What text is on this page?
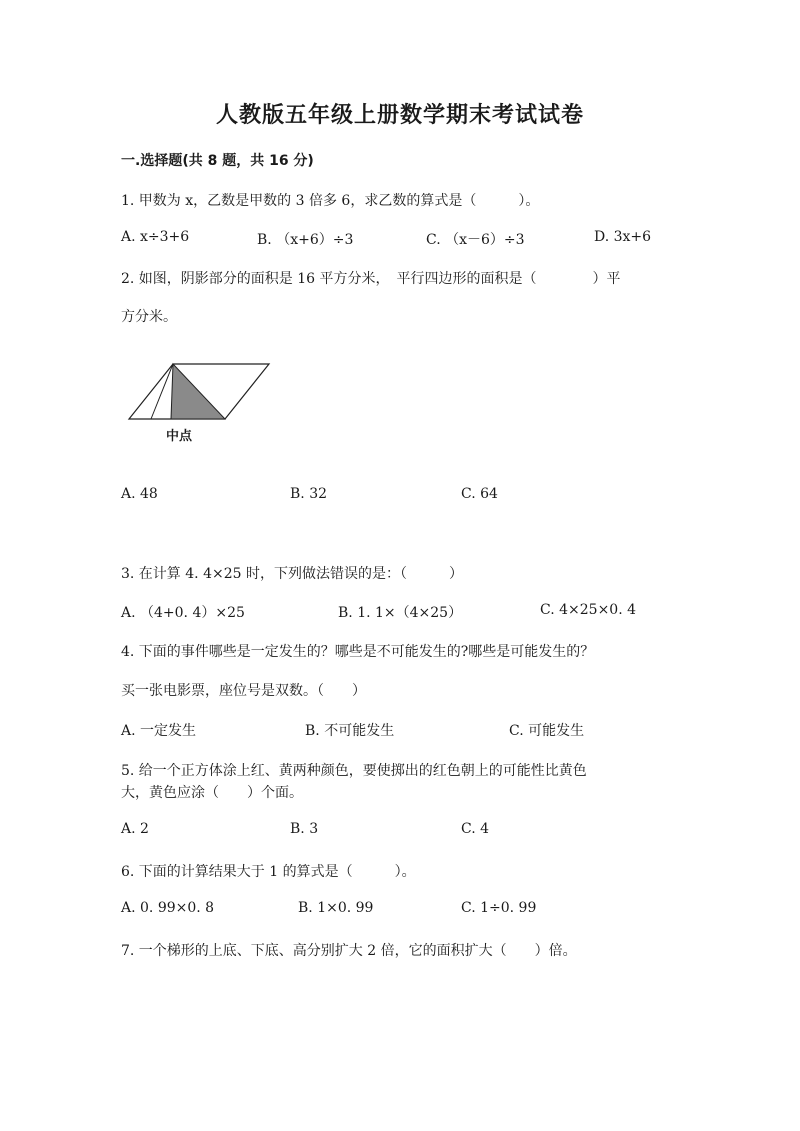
人教版五年级上册数学期末考试试卷
一.选择题(共 8 题，共 16 分)
1. 甲数为 x，乙数是甲数的 3 倍多 6，求乙数的算式是（　　　）。
A. x÷3+6	B. （x+6）÷3	C. （x－6）÷3	D. 3x+6
2. 如图，阴影部分的面积是 16 平方分米，　平行四边形的面积是（　　　　）平
方分米。
中点
A. 48	B. 32	C. 64
3. 在计算 4. 4×25 时，下列做法错误的是：（　　　）
A. （4+0. 4）×25	B. 1. 1×（4×25）	C. 4×25×0. 4
4. 下面的事件哪些是一定发生的？哪些是不可能发生的?哪些是可能发生的？
买一张电影票，座位号是双数。（　　）
A. 一定发生	B. 不可能发生	C. 可能发生
5. 给一个正方体涂上红、黄两种颜色，要使掷出的红色朝上的可能性比黄色
大，黄色应涂（　　）个面。
A. 2	B. 3	C. 4
6. 下面的计算结果大于 1 的算式是（　　　）。
A. 0. 99×0. 8	B. 1×0. 99	C. 1÷0. 99
7. 一个梯形的上底、下底、高分别扩大 2 倍，它的面积扩大（　　）倍。
